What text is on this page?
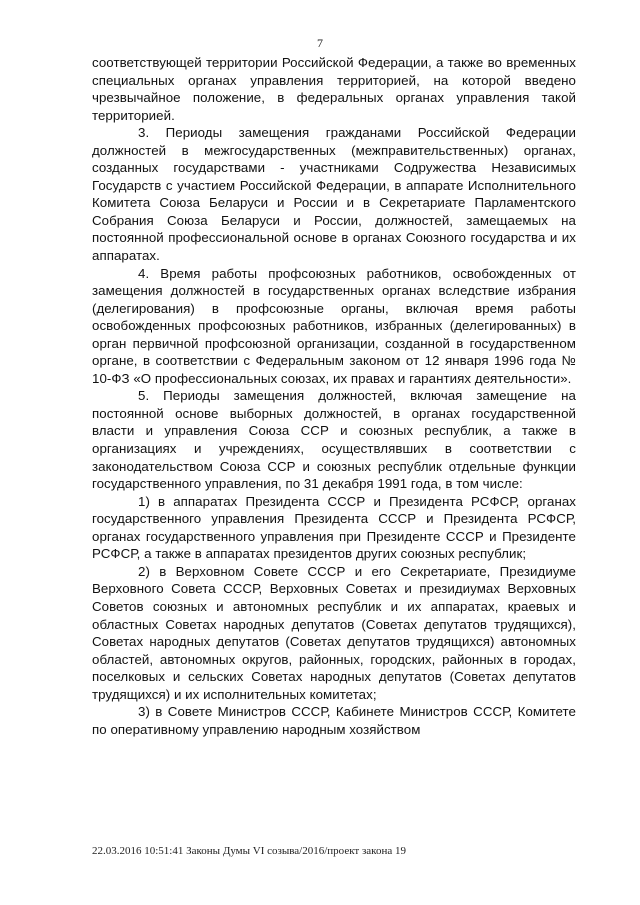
7

соответствующей территории Российской Федерации, а также во временных специальных органах управления территорией, на которой введено чрезвычайное положение, в федеральных органах управления такой территорией.

3. Периоды замещения гражданами Российской Федерации должностей в межгосударственных (межправительственных) органах, созданных государствами - участниками Содружества Независимых Государств с участием Российской Федерации, в аппарате Исполнительного Комитета Союза Беларуси и России и в Секретариате Парламентского Собрания Союза Беларуси и России, должностей, замещаемых на постоянной профессиональной основе в органах Союзного государства и их аппаратах.

4. Время работы профсоюзных работников, освобожденных от замещения должностей в государственных органах вследствие избрания (делегирования) в профсоюзные органы, включая время работы освобожденных профсоюзных работников, избранных (делегированных) в орган первичной профсоюзной организации, созданной в государственном органе, в соответствии с Федеральным законом от 12 января 1996 года № 10-ФЗ «О профессиональных союзах, их правах и гарантиях деятельности».

5. Периоды замещения должностей, включая замещение на постоянной основе выборных должностей, в органах государственной власти и управления Союза ССР и союзных республик, а также в организациях и учреждениях, осуществлявших в соответствии с законодательством Союза ССР и союзных республик отдельные функции государственного управления, по 31 декабря 1991 года, в том числе:

1) в аппаратах Президента СССР и Президента РСФСР, органах государственного управления Президента СССР и Президента РСФСР, органах государственного управления при Президенте СССР и Президенте РСФСР, а также в аппаратах президентов других союзных республик;

2) в Верховном Совете СССР и его Секретариате, Президиуме Верховного Совета СССР, Верховных Советах и президиумах Верховных Советов союзных и автономных республик и их аппаратах, краевых и областных Советах народных депутатов (Советах депутатов трудящихся), Советах народных депутатов (Советах депутатов трудящихся) автономных областей, автономных округов, районных, городских, районных в городах, поселковых и сельских Советах народных депутатов (Советах депутатов трудящихся) и их исполнительных комитетах;

3) в Совете Министров СССР, Кабинете Министров СССР, Комитете по оперативному управлению народным хозяйством

22.03.2016 10:51:41 Законы Думы VI созыва/2016/проект закона 19
